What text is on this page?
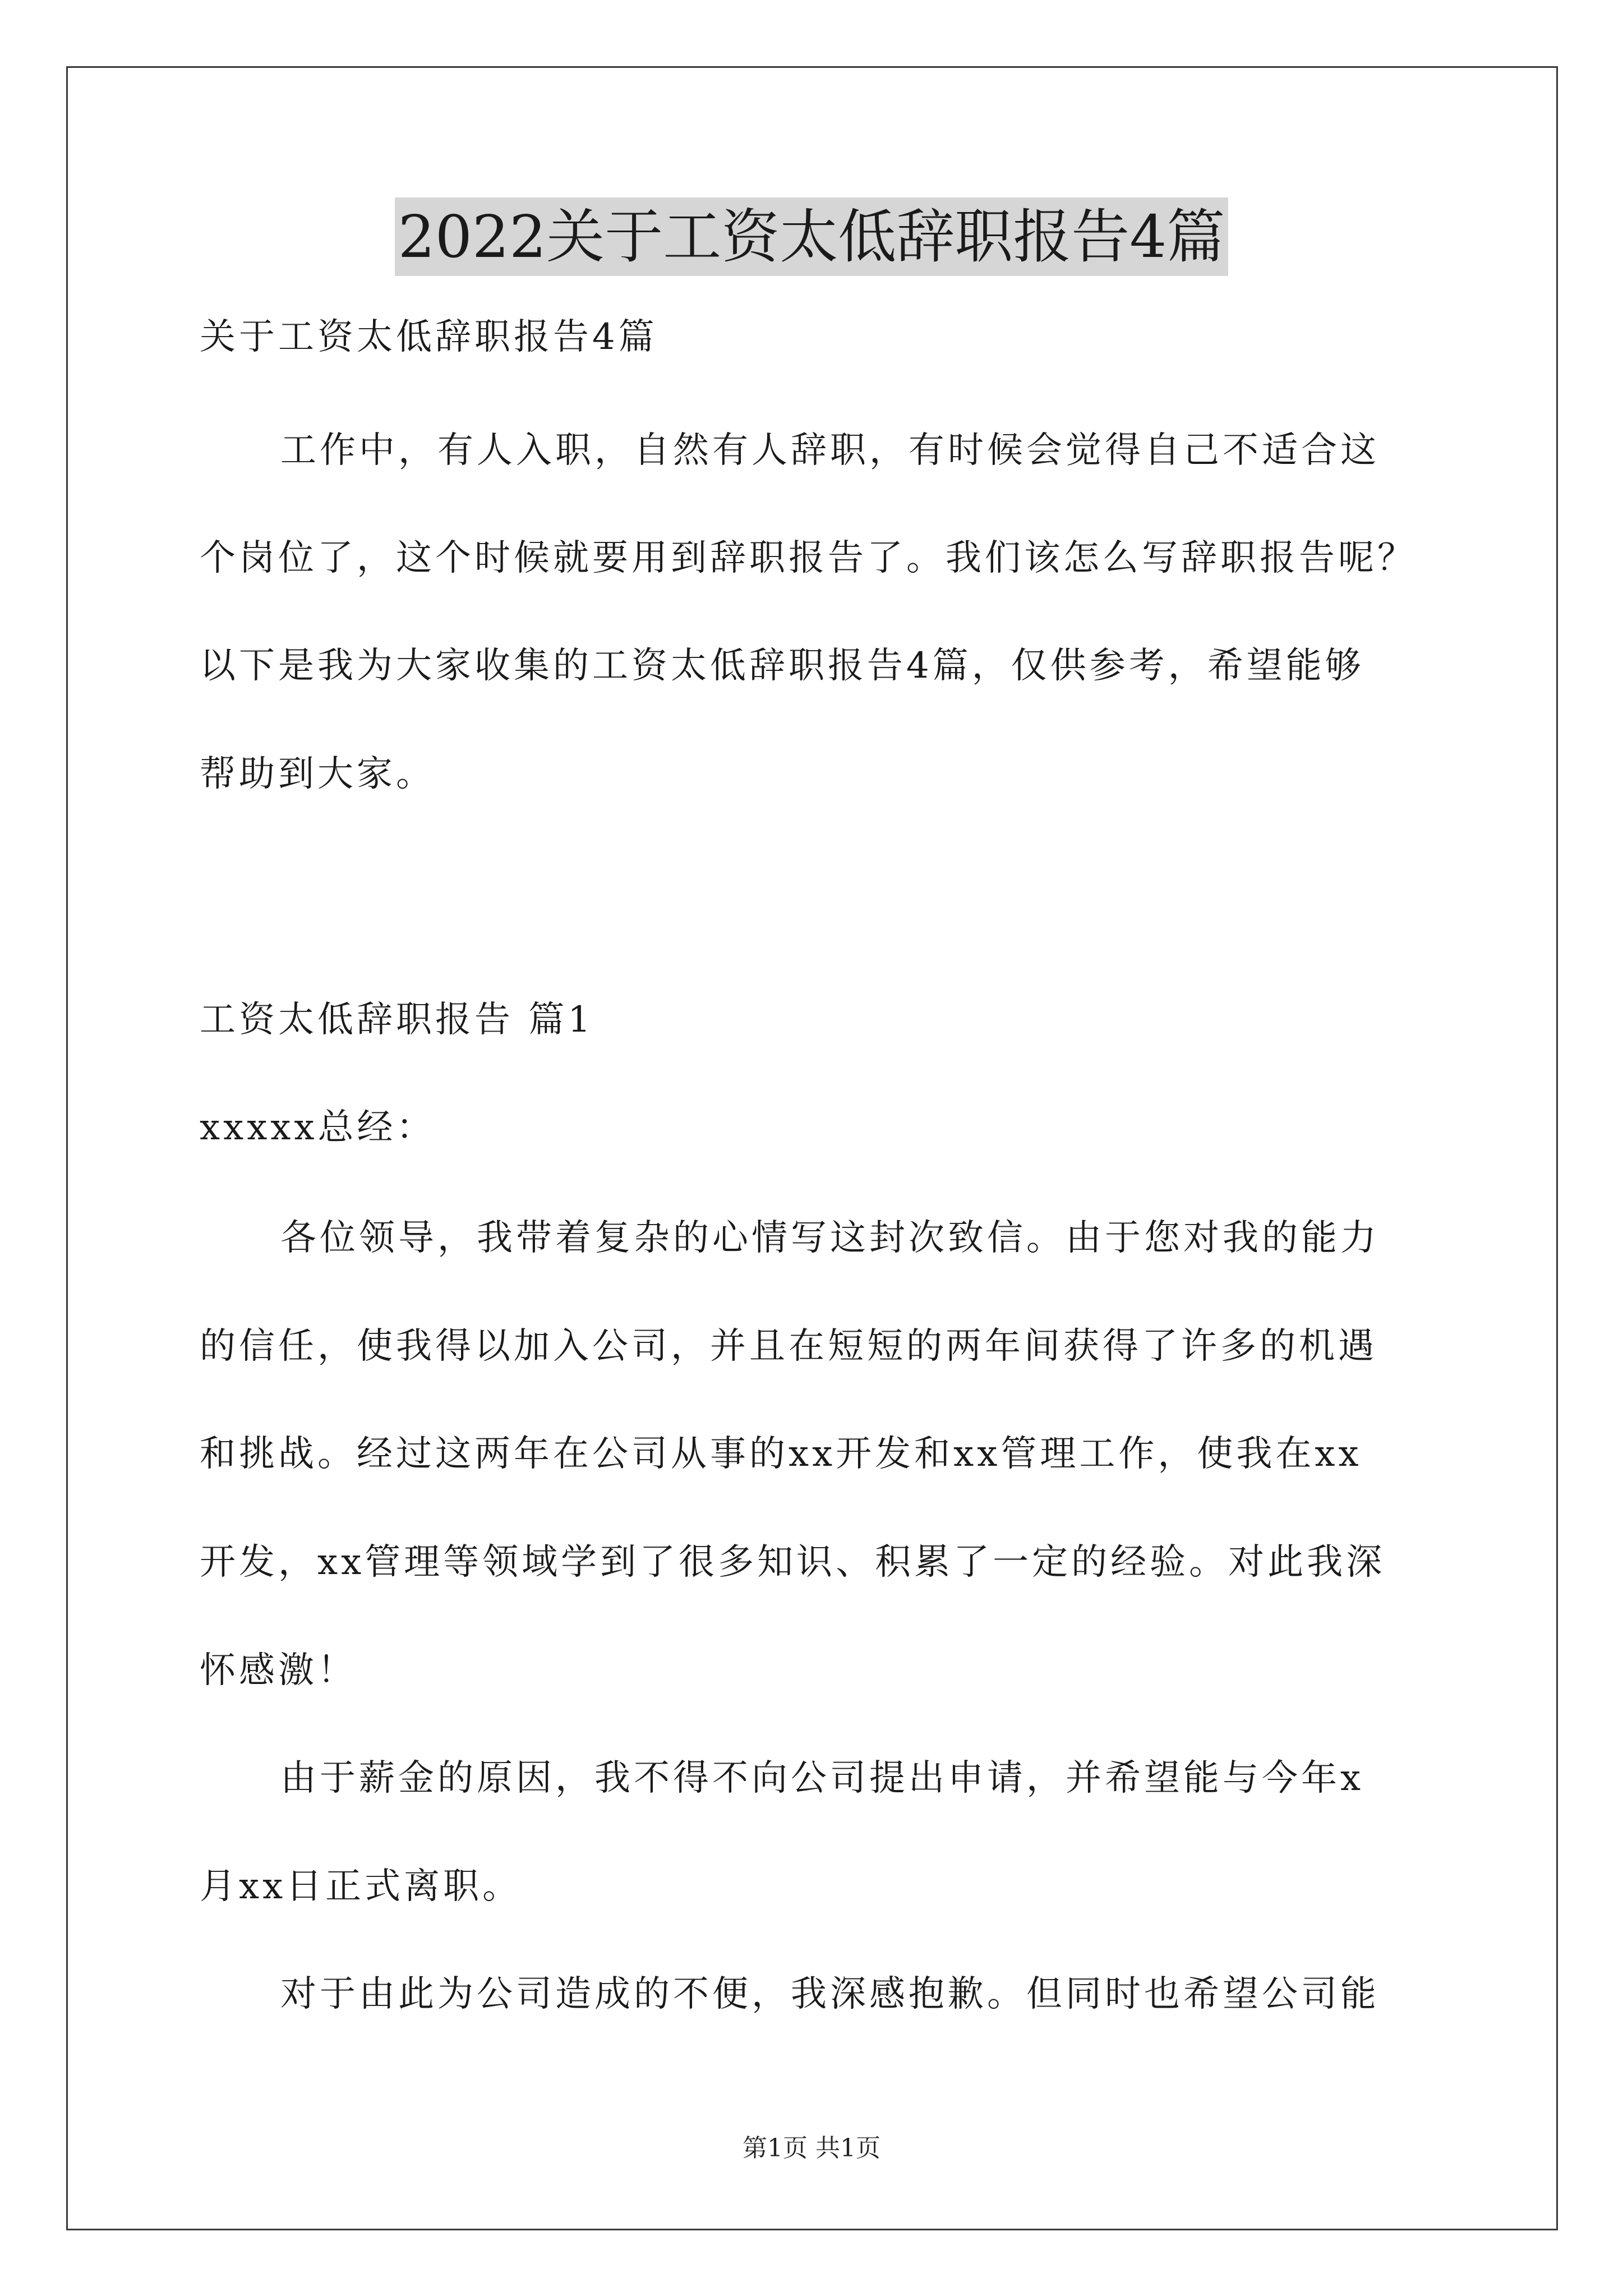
2022关于工资太低辞职报告4篇

关于工资太低辞职报告4篇

工作中，有人入职，自然有人辞职，有时候会觉得自己不适合这

个岗位了，这个时候就要用到辞职报告了。我们该怎么写辞职报告呢？

以下是我为大家收集的工资太低辞职报告4篇，仅供参考，希望能够

帮助到大家。

工资太低辞职报告 篇1

xxxxx总经：

各位领导，我带着复杂的心情写这封次致信。由于您对我的能力

的信任，使我得以加入公司，并且在短短的两年间获得了许多的机遇

和挑战。经过这两年在公司从事的xx开发和xx管理工作，使我在xx

开发，xx管理等领域学到了很多知识、积累了一定的经验。对此我深

怀感激！

由于薪金的原因，我不得不向公司提出申请，并希望能与今年x

月xx日正式离职。

对于由此为公司造成的不便，我深感抱歉。但同时也希望公司能

第1页 共1页
